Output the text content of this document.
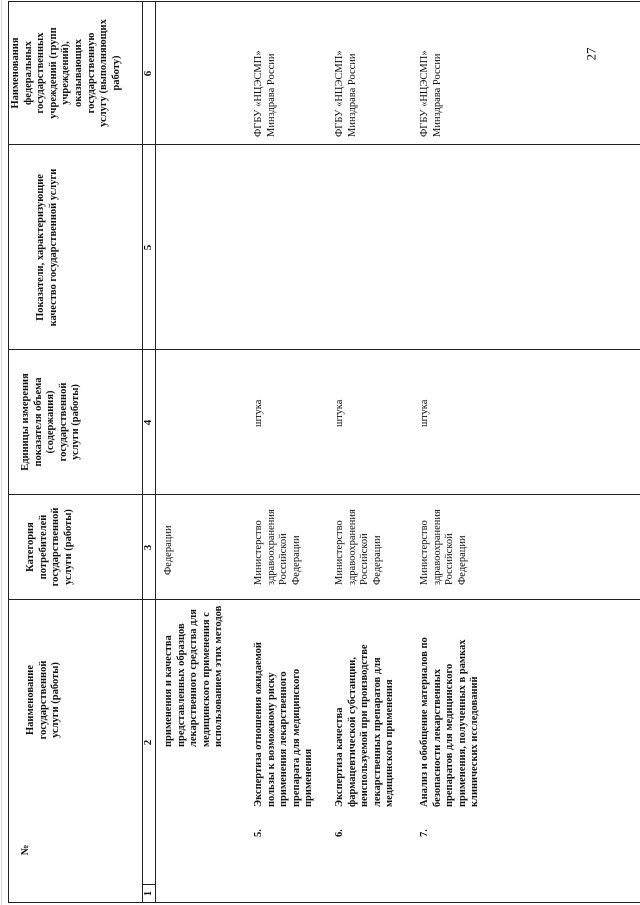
27
№
Наименование
государственной
услуги (работы)
Категория
потребителей
государственной
услуги (работы)
Единицы измерения
показателя объема
(содержания)
государственной
услуги (работы)
Показатели, характеризующие
качество государственной услуги
Наименования
федеральных
государственных
учреждений (групп
учреждений),
оказывающих
государственную
услугу (выполняющих
работу)
1
2
3
4
5
6
применения и качества
представленных образцов
лекарственного средства для
медицинского применения с
использованием этих методов
Федерации
5.
Экспертиза отношения ожидаемой
пользы к возможному риску
применения лекарственного
препарата для медицинского
применения
Министерство
здравоохранения
Российской
Федерации
штука
ФГБУ «НЦЭСМП»
Минздрава России
6.
Экспертиза качества
фармацевтической субстанции,
неиспользуемой при производстве
лекарственных препаратов для
медицинского применения
Министерство
здравоохранения
Российской
Федерации
штука
ФГБУ «НЦЭСМП»
Минздрава России
7.
Анализ и обобщение материалов по
безопасности лекарственных
препаратов для медицинского
применения, полученных в рамках
клинических исследований
Министерство
здравоохранения
Российской
Федерации
штука
ФГБУ «НЦЭСМП»
Минздрава России
